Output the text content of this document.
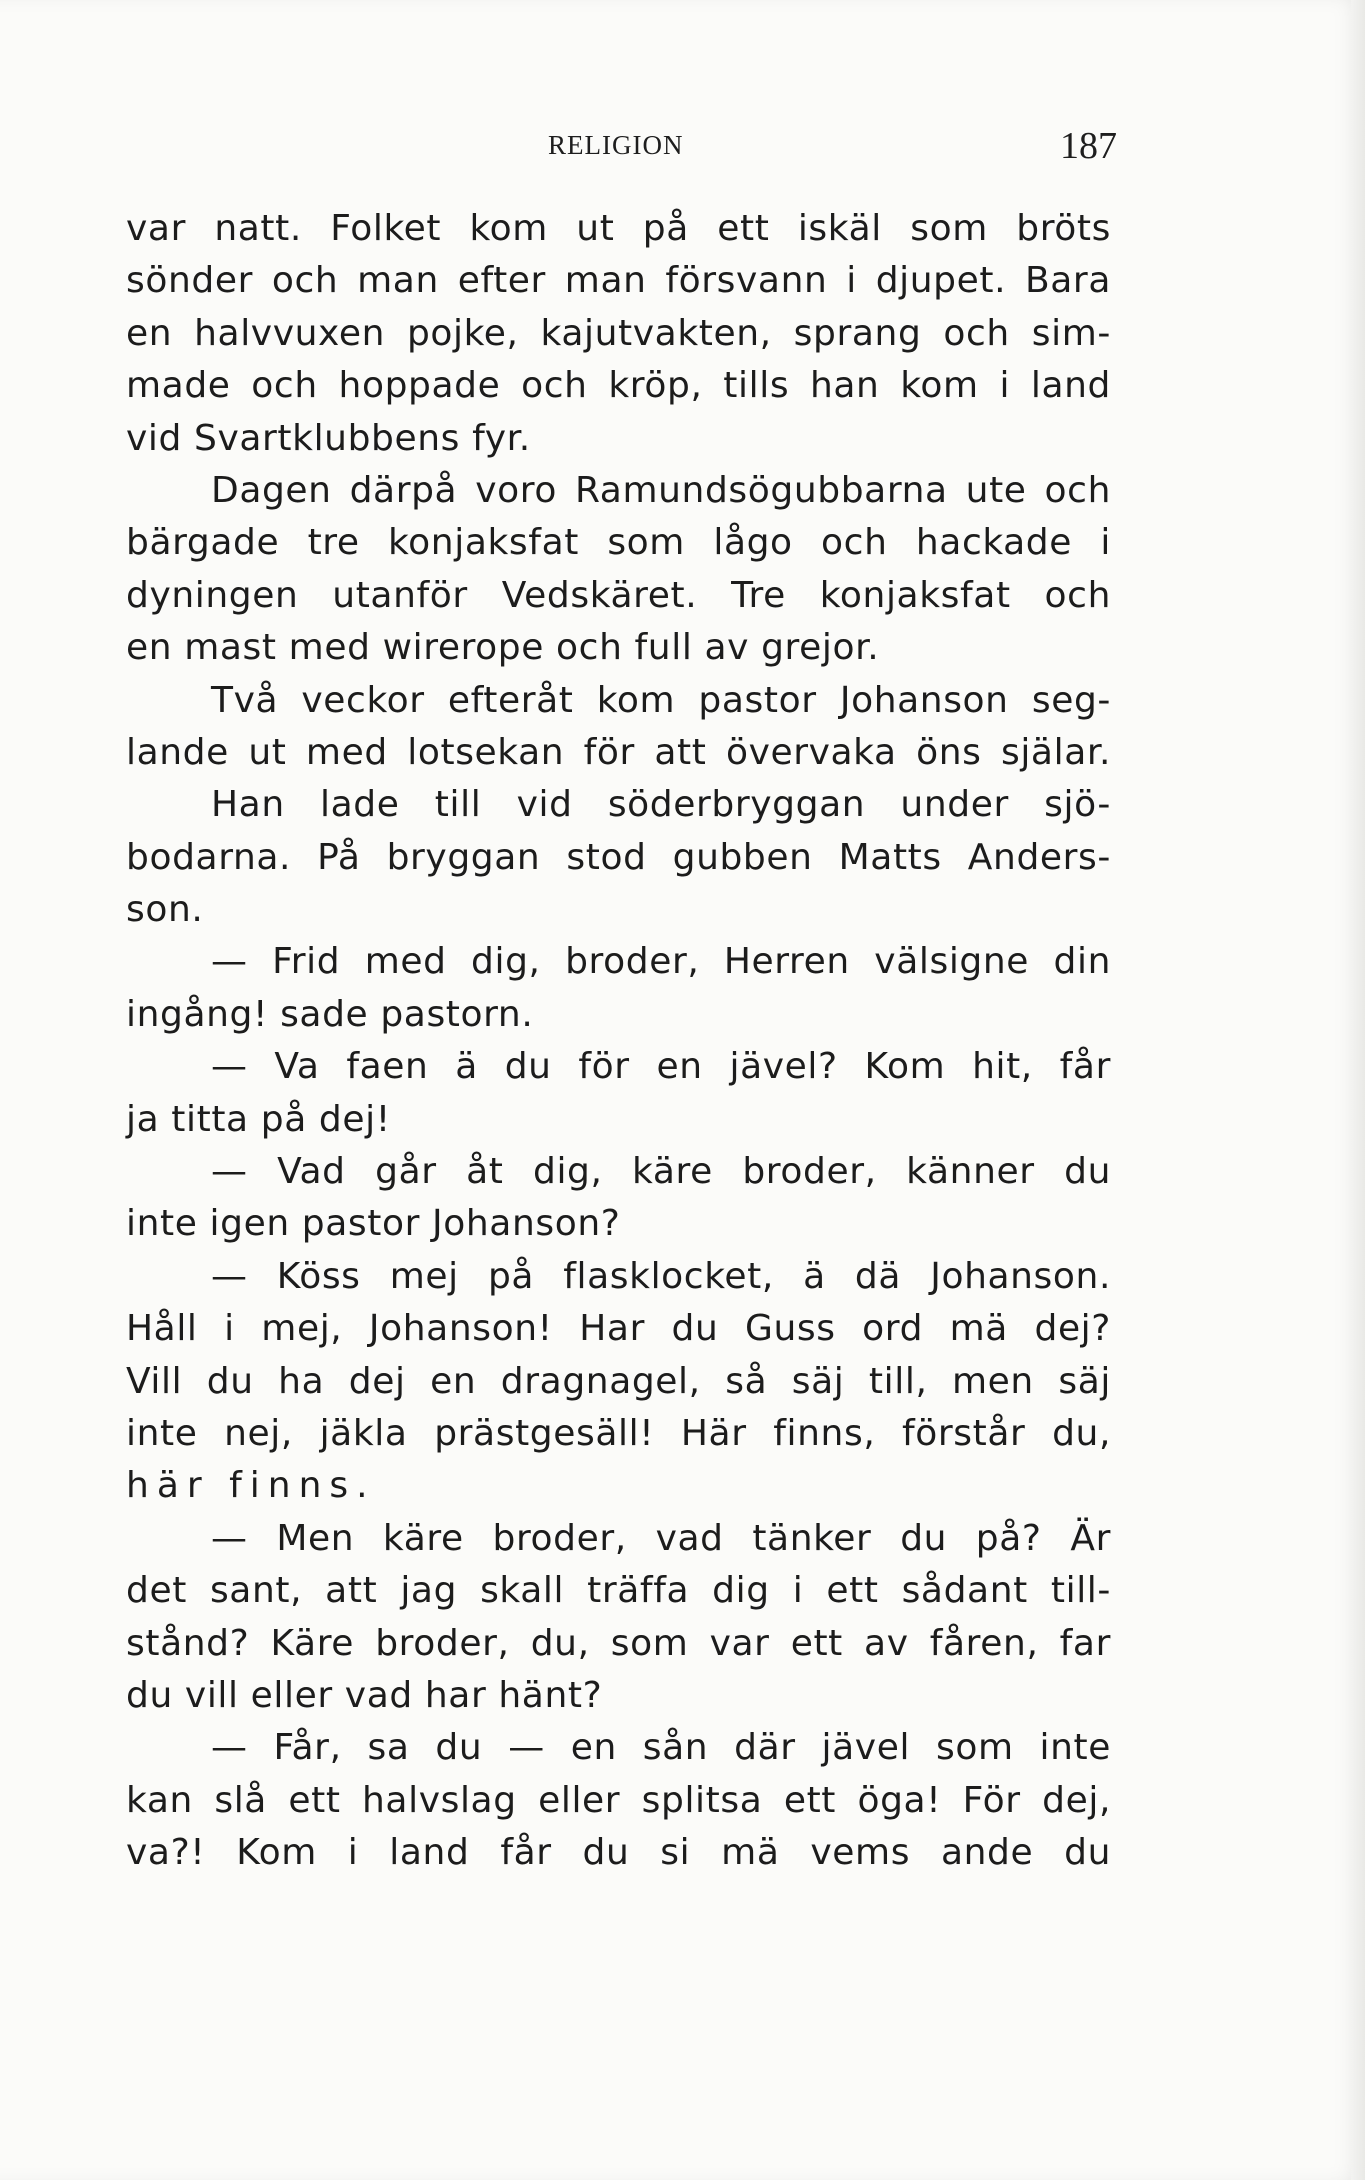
RELIGION	187
var natt. Folket kom ut på ett iskäl som bröts
sönder och man efter man försvann i djupet. Bara
en halvvuxen pojke, kajutvakten, sprang och sim-
made och hoppade och kröp, tills han kom i land
vid Svartklubbens fyr.
Dagen därpå voro Ramundsögubbarna ute och
bärgade tre konjaksfat som lågo och hackade i
dyningen utanför Vedskäret. Tre konjaksfat och
en mast med wirerope och full av grejor.
Två veckor efteråt kom pastor Johanson seg-
lande ut med lotsekan för att övervaka öns själar.
Han lade till vid söderbryggan under sjö-
bodarna. På bryggan stod gubben Matts Anders-
son.
— Frid med dig, broder, Herren välsigne din
ingång! sade pastorn.
— Va faen ä du för en jävel? Kom hit, får
ja titta på dej!
— Vad går åt dig, käre broder, känner du
inte igen pastor Johanson?
— Köss mej på flasklocket, ä dä Johanson.
Håll i mej, Johanson! Har du Guss ord mä dej?
Vill du ha dej en dragnagel, så säj till, men säj
inte nej, jäkla prästgesäll! Här finns, förstår du,
här finns.
— Men käre broder, vad tänker du på? Är
det sant, att jag skall träffa dig i ett sådant till-
stånd? Käre broder, du, som var ett av fåren, far
du vill eller vad har hänt?
— Får, sa du — en sån där jävel som inte
kan slå ett halvslag eller splitsa ett öga! För dej,
va?! Kom i land får du si mä vems ande du
